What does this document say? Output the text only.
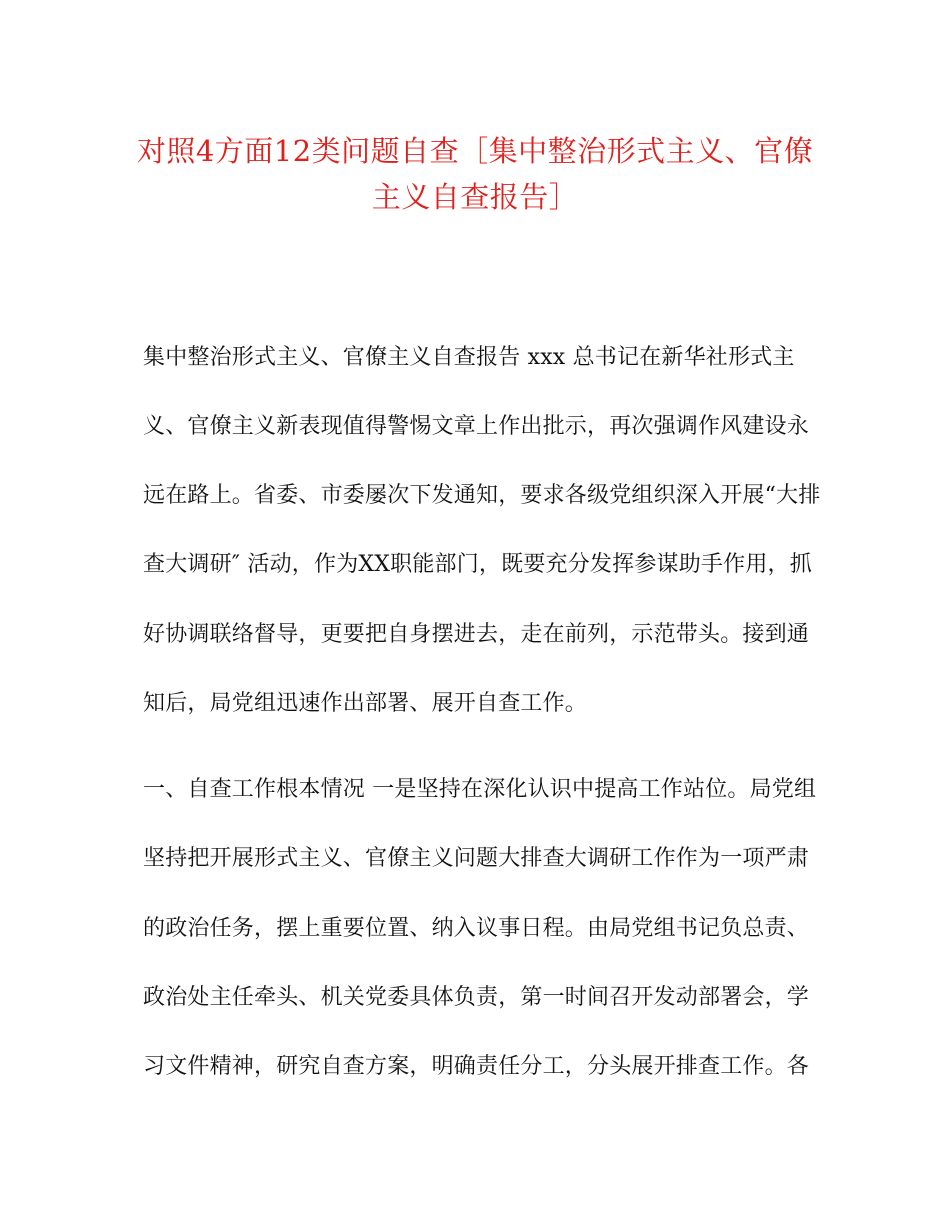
对照4方面12类问题自查［集中整治形式主义、官僚
主义自查报告］
集中整治形式主义、官僚主义自查报告 xxx 总书记在新华社形式主
义、官僚主义新表现值得警惕文章上作出批示，再次强调作风建设永
远在路上。省委、市委屡次下发通知，要求各级党组织深入开展“大排
查大调研″ 活动，作为XX职能部门，既要充分发挥参谋助手作用，抓
好协调联络督导，更要把自身摆进去，走在前列，示范带头。接到通
知后，局党组迅速作出部署、展开自查工作。
一、自查工作根本情况 一是坚持在深化认识中提高工作站位。局党组
坚持把开展形式主义、官僚主义问题大排查大调研工作作为一项严肃
的政治任务，摆上重要位置、纳入议事日程。由局党组书记负总责、
政治处主任牵头、机关党委具体负责，第一时间召开发动部署会，学
习文件精神，研究自查方案，明确责任分工，分头展开排查工作。各
